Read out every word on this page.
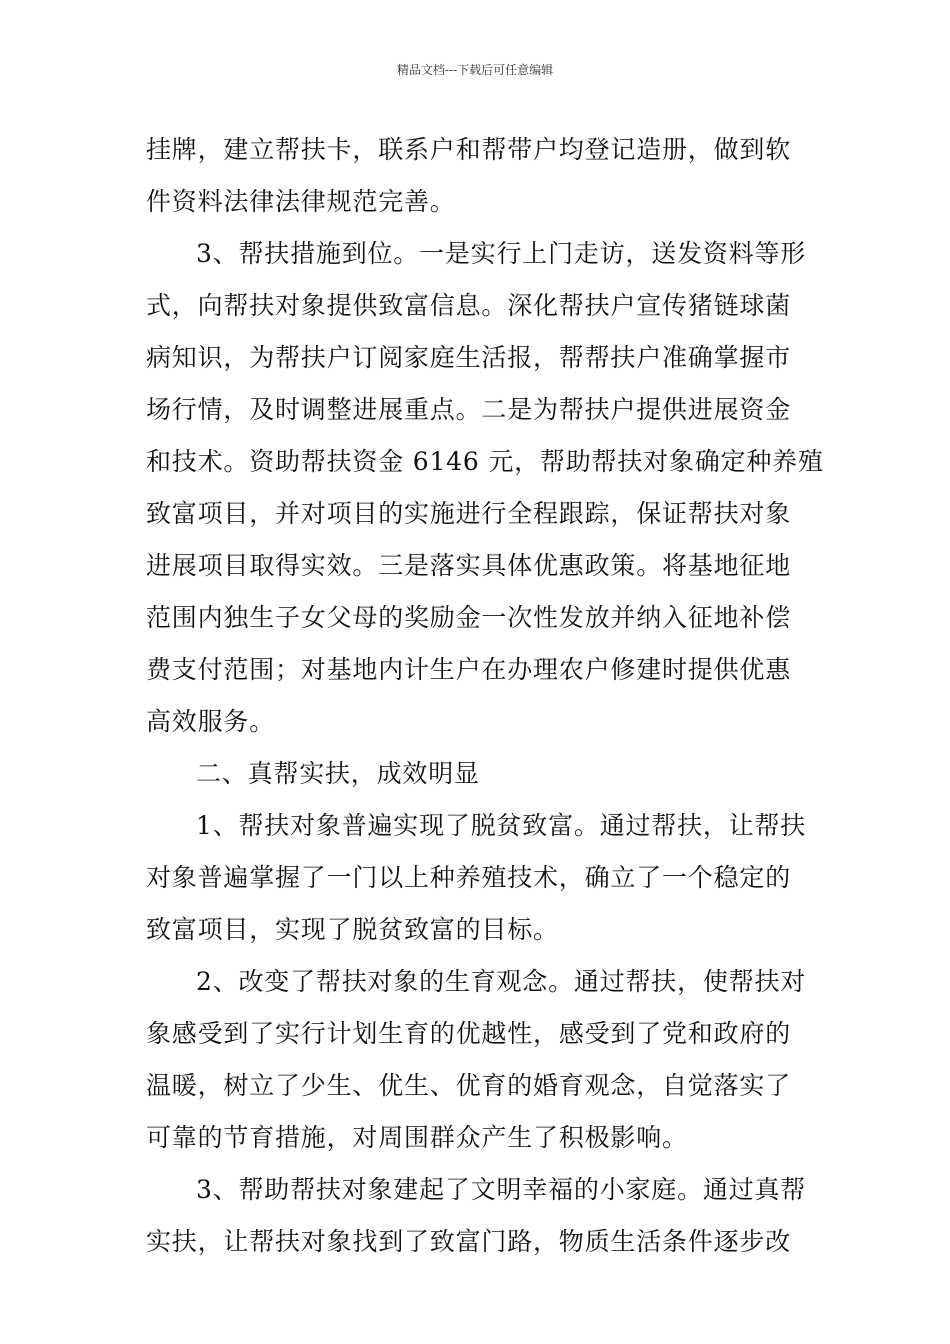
精品文档---下载后可任意编辑
挂牌，建立帮扶卡，联系户和帮带户均登记造册，做到软
件资料法律法律规范完善。
3、帮扶措施到位。一是实行上门走访，送发资料等形
式，向帮扶对象提供致富信息。深化帮扶户宣传猪链球菌
病知识，为帮扶户订阅家庭生活报，帮帮扶户准确掌握市
场行情，及时调整进展重点。二是为帮扶户提供进展资金
和技术。资助帮扶资金 6146 元，帮助帮扶对象确定种养殖
致富项目，并对项目的实施进行全程跟踪，保证帮扶对象
进展项目取得实效。三是落实具体优惠政策。将基地征地
范围内独生子女父母的奖励金一次性发放并纳入征地补偿
费支付范围；对基地内计生户在办理农户修建时提供优惠
高效服务。
二、真帮实扶，成效明显
1、帮扶对象普遍实现了脱贫致富。通过帮扶，让帮扶
对象普遍掌握了一门以上种养殖技术，确立了一个稳定的
致富项目，实现了脱贫致富的目标。
2、改变了帮扶对象的生育观念。通过帮扶，使帮扶对
象感受到了实行计划生育的优越性，感受到了党和政府的
温暖，树立了少生、优生、优育的婚育观念，自觉落实了
可靠的节育措施，对周围群众产生了积极影响。
3、帮助帮扶对象建起了文明幸福的小家庭。通过真帮
实扶，让帮扶对象找到了致富门路，物质生活条件逐步改
